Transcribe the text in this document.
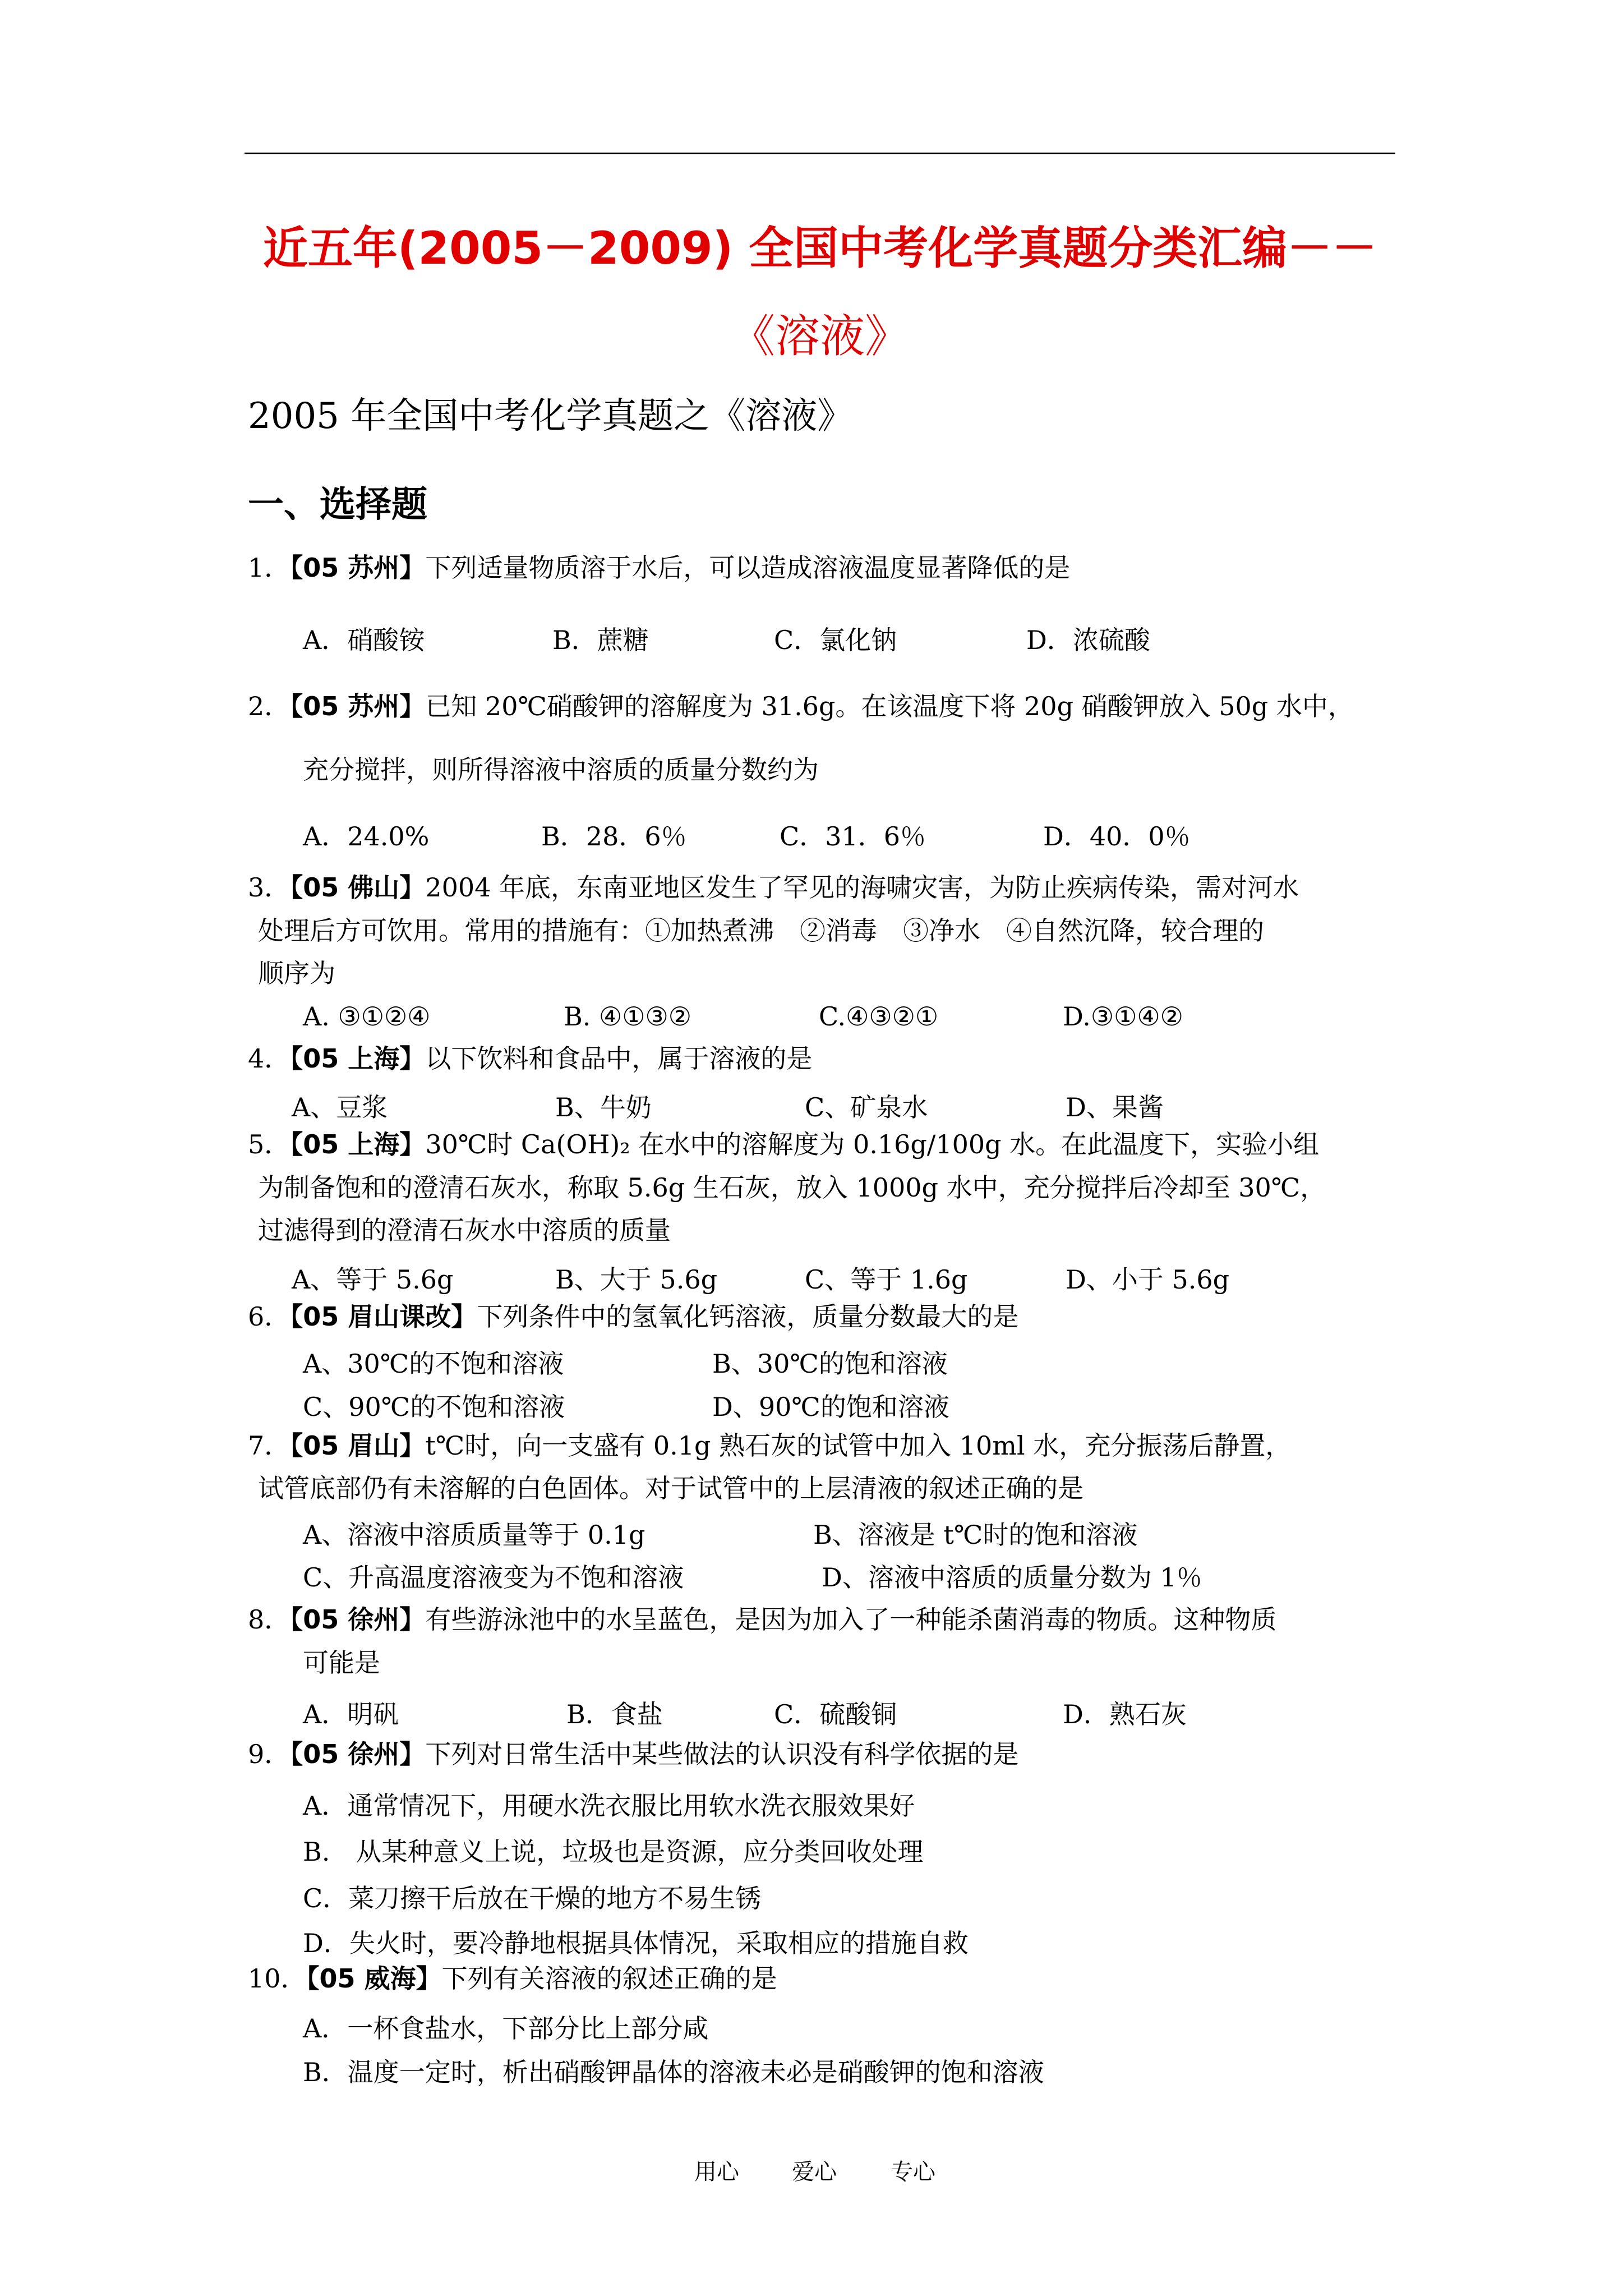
近五年(2005－2009) 全国中考化学真题分类汇编－－
《溶液》
2005 年全国中考化学真题之《溶液》
一、选择题
1．【05 苏州】下列适量物质溶于水后，可以造成溶液温度显著降低的是
A．硝酸铵	B．蔗糖	C．氯化钠	D．浓硫酸
2．【05 苏州】已知 20℃硝酸钾的溶解度为 31.6g。在该温度下将 20g 硝酸钾放入 50g 水中，
充分搅拌，则所得溶液中溶质的质量分数约为
A．24.0%	B．28．6％	C．31．6％	D．40．0％
3．【05 佛山】2004 年底，东南亚地区发生了罕见的海啸灾害，为防止疾病传染，需对河水
处理后方可饮用。常用的措施有：①加热煮沸　②消毒　③净水　④自然沉降，较合理的
顺序为
A. ③①②④	B. ④①③②	C.④③②①	D.③①④②
4．【05 上海】以下饮料和食品中，属于溶液的是
A、豆浆	B、牛奶	C、矿泉水	D、果酱
5．【05 上海】30℃时 Ca(OH)₂ 在水中的溶解度为 0.16g/100g 水。在此温度下，实验小组
为制备饱和的澄清石灰水，称取 5.6g 生石灰，放入 1000g 水中，充分搅拌后冷却至 30℃，
过滤得到的澄清石灰水中溶质的质量
A、等于 5.6g	B、大于 5.6g	C、等于 1.6g	D、小于 5.6g
6．【05 眉山课改】下列条件中的氢氧化钙溶液，质量分数最大的是
A、30℃的不饱和溶液	B、30℃的饱和溶液
C、90℃的不饱和溶液	D、90℃的饱和溶液
7．【05 眉山】t℃时，向一支盛有 0.1g 熟石灰的试管中加入 10ml 水，充分振荡后静置，
试管底部仍有未溶解的白色固体。对于试管中的上层清液的叙述正确的是
A、溶液中溶质质量等于 0.1g	B、溶液是 t℃时的饱和溶液
C、升高温度溶液变为不饱和溶液	D、溶液中溶质的质量分数为 1％
8．【05 徐州】有些游泳池中的水呈蓝色，是因为加入了一种能杀菌消毒的物质。这种物质
可能是
A．明矾	B．食盐	C．硫酸铜	D．熟石灰
9．【05 徐州】下列对日常生活中某些做法的认识没有科学依据的是
A．通常情况下，用硬水洗衣服比用软水洗衣服效果好
B.　从某种意义上说，垃圾也是资源，应分类回收处理
C．菜刀擦干后放在干燥的地方不易生锈
D．失火时，要冷静地根据具体情况，采取相应的措施自救
10．【05 威海】下列有关溶液的叙述正确的是
A．一杯食盐水，下部分比上部分咸
B．温度一定时，析出硝酸钾晶体的溶液未必是硝酸钾的饱和溶液
用心 爱心 专心
